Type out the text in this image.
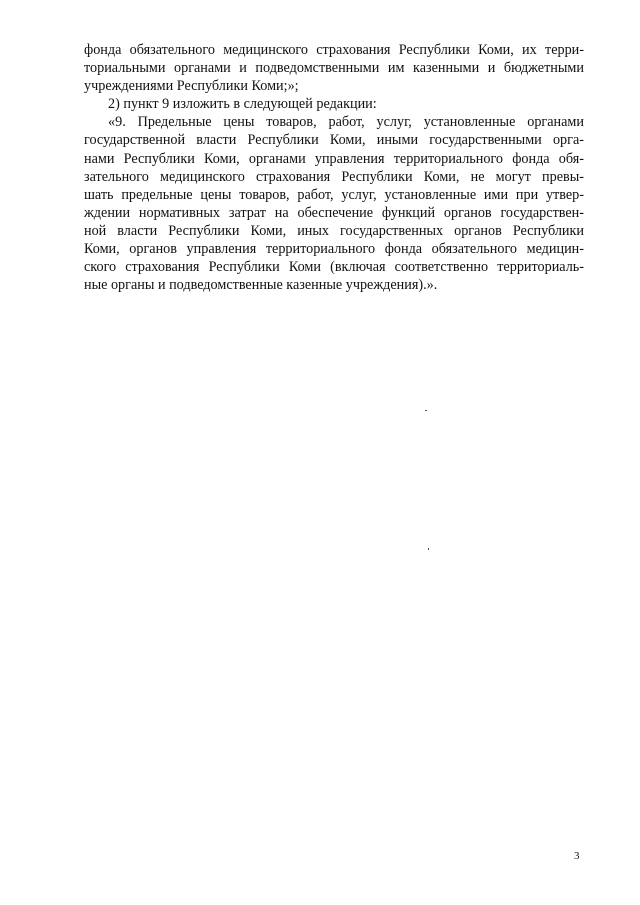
фонда обязательного медицинского страхования Республики Коми, их терри-
ториальными органами и подведомственными им казенными и бюджетными
учреждениями Республики Коми;»;
2) пункт 9 изложить в следующей редакции:
«9. Предельные цены товаров, работ, услуг, установленные органами
государственной власти Республики Коми, иными государственными орга-
нами Республики Коми, органами управления территориального фонда обя-
зательного медицинского страхования Республики Коми, не могут превы-
шать предельные цены товаров, работ, услуг, установленные ими при утвер-
ждении нормативных затрат на обеспечение функций органов государствен-
ной власти Республики Коми, иных государственных органов Республики
Коми, органов управления территориального фонда обязательного медицин-
ского страхования Республики Коми (включая соответственно территориаль-
ные органы и подведомственные казенные учреждения).».
3
